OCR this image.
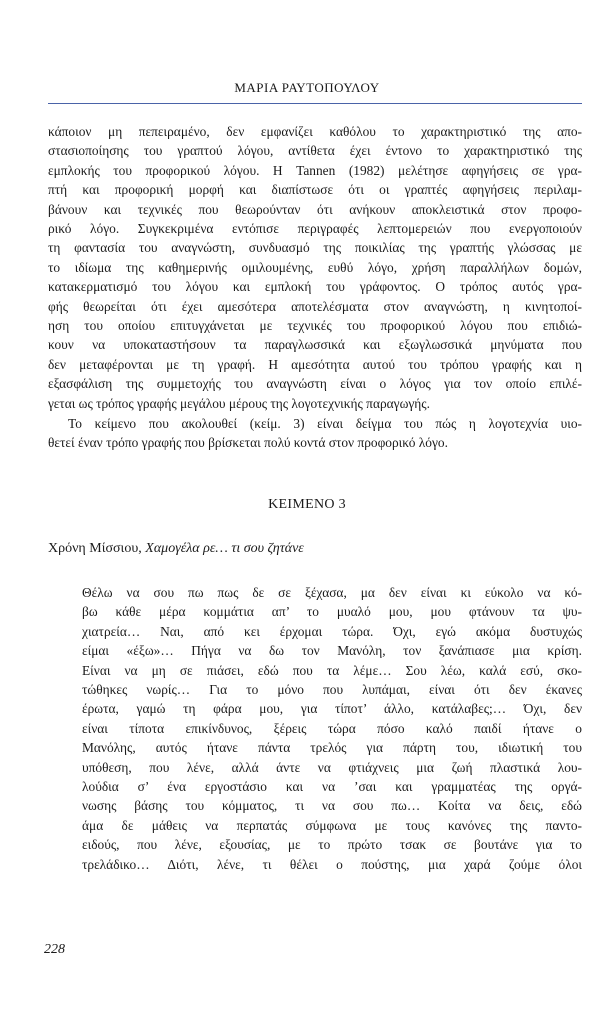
ΜΑΡΙΑ ΡΑΥΤΟΠΟΥΛΟΥ

κάποιον μη πεπειραμένο, δεν εμφανίζει καθόλου το χαρακτηριστικό της απο-

στασιοποίησης του γραπτού λόγου, αντίθετα έχει έντονο το χαρακτηριστικό της

εμπλοκής του προφορικού λόγου. Η Tannen (1982) μελέτησε αφηγήσεις σε γρα-

πτή και προφορική μορφή και διαπίστωσε ότι οι γραπτές αφηγήσεις περιλαμ-

βάνουν και τεχνικές που θεωρούνταν ότι ανήκουν αποκλειστικά στον προφο-

ρικό λόγο. Συγκεκριμένα εντόπισε περιγραφές λεπτομερειών που ενεργοποιούν

τη φαντασία του αναγνώστη, συνδυασμό της ποικιλίας της γραπτής γλώσσας με

το ιδίωμα της καθημερινής ομιλουμένης, ευθύ λόγο, χρήση παραλλήλων δομών,

κατακερματισμό του λόγου και εμπλοκή του γράφοντος. Ο τρόπος αυτός γρα-

φής θεωρείται ότι έχει αμεσότερα αποτελέσματα στον αναγνώστη, η κινητοποί-

ηση του οποίου επιτυγχάνεται με τεχνικές του προφορικού λόγου που επιδιώ-

κουν να υποκαταστήσουν τα παραγλωσσικά και εξωγλωσσικά μηνύματα που

δεν μεταφέρονται με τη γραφή. Η αμεσότητα αυτού του τρόπου γραφής και η

εξασφάλιση της συμμετοχής του αναγνώστη είναι ο λόγος για τον οποίο επιλέ-

γεται ως τρόπος γραφής μεγάλου μέρους της λογοτεχνικής παραγωγής.

Το κείμενο που ακολουθεί (κείμ. 3) είναι δείγμα του πώς η λογοτεχνία υιο-

θετεί έναν τρόπο γραφής που βρίσκεται πολύ κοντά στον προφορικό λόγο.

ΚΕΙΜΕΝΟ 3
Χρόνη Μίσσιου, Χαμογέλα ρε… τι σου ζητάνε

Θέλω να σου πω πως δε σε ξέχασα, μα δεν είναι κι εύκολο να κό-

βω κάθε μέρα κομμάτια απ’ το μυαλό μου, μου φτάνουν τα ψυ-

χιατρεία… Ναι, από κει έρχομαι τώρα. Όχι, εγώ ακόμα δυστυχώς

είμαι «έξω»… Πήγα να δω τον Μανόλη, τον ξανάπιασε μια κρίση.

Είναι να μη σε πιάσει, εδώ που τα λέμε… Σου λέω, καλά εσύ, σκο-

τώθηκες νωρίς… Για το μόνο που λυπάμαι, είναι ότι δεν έκανες

έρωτα, γαμώ τη φάρα μου, για τίποτ’ άλλο, κατάλαβες;… Όχι, δεν

είναι τίποτα επικίνδυνος, ξέρεις τώρα πόσο καλό παιδί ήτανε ο

Μανόλης, αυτός ήτανε πάντα τρελός για πάρτη του, ιδιωτική του

υπόθεση, που λένε, αλλά άντε να φτιάχνεις μια ζωή πλαστικά λου-

λούδια σ’ ένα εργοστάσιο και να ’σαι και γραμματέας της οργά-

νωσης βάσης του κόμματος, τι να σου πω… Κοίτα να δεις, εδώ

άμα δε μάθεις να περπατάς σύμφωνα με τους κανόνες της παντο-

ειδούς, που λένε, εξουσίας, με το πρώτο τσακ σε βουτάνε για το

τρελάδικο… Διότι, λένε, τι θέλει ο πούστης, μια χαρά ζούμε όλοι

228
